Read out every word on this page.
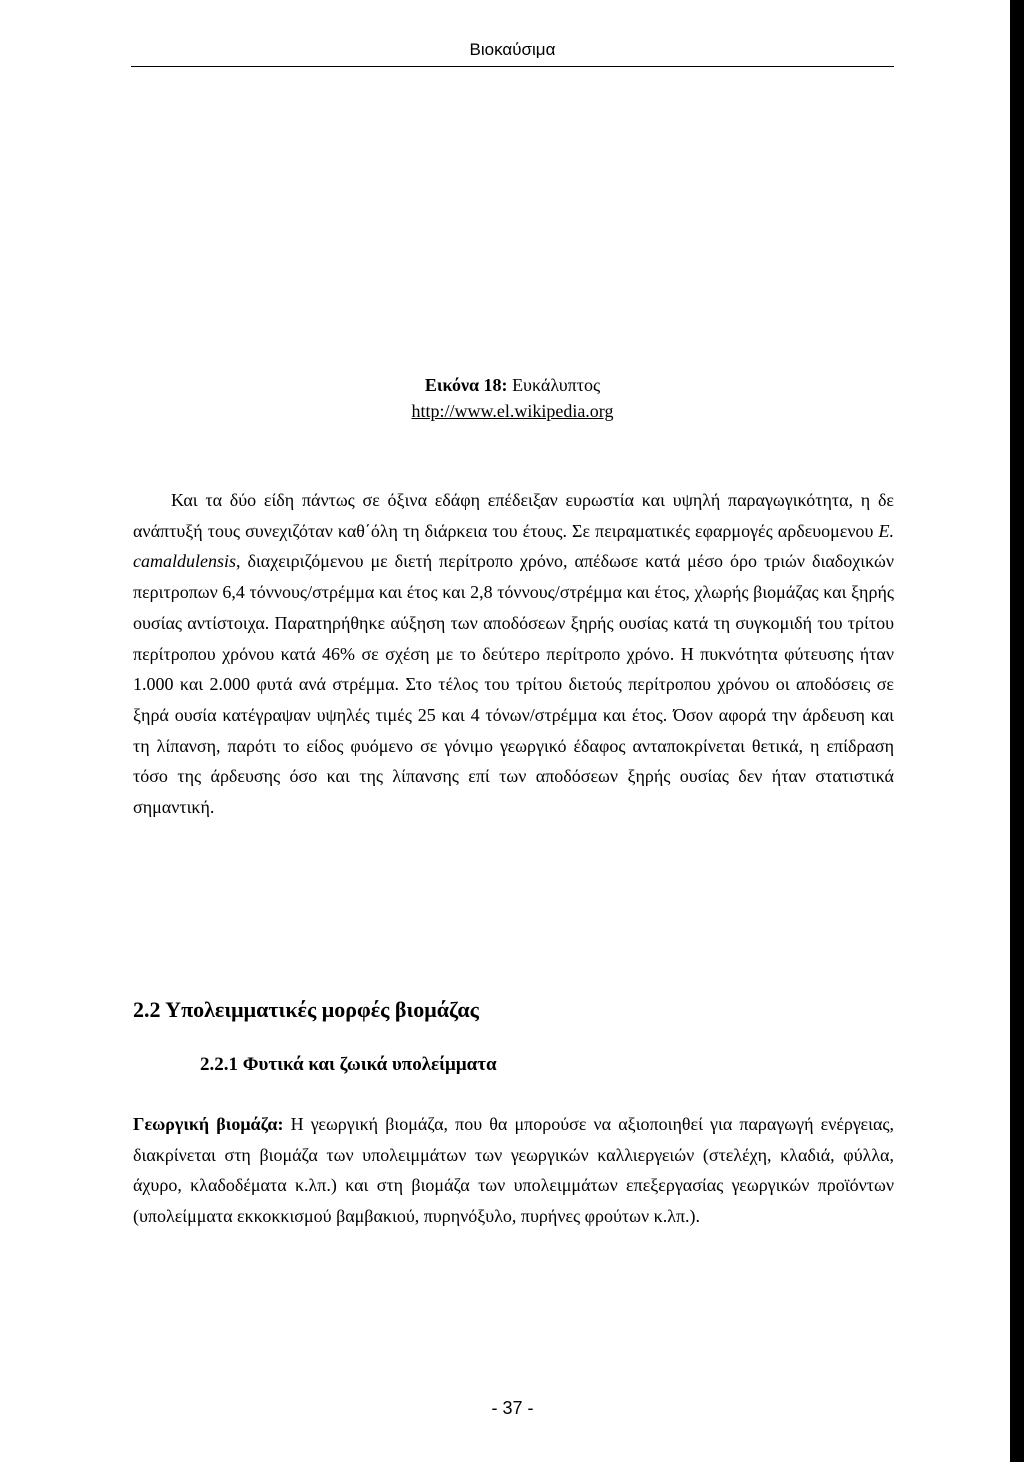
Βιοκαύσιμα
Εικόνα 18: Ευκάλυπτος
http://www.el.wikipedia.org

Και τα δύο είδη πάντως σε όξινα εδάφη επέδειξαν ευρωστία και υψηλή παραγωγικότητα, η δε ανάπτυξή τους συνεχιζόταν καθ΄όλη τη διάρκεια του έτους. Σε πειραματικές εφαρμογές αρδευομενου E. camaldulensis, διαχειριζόμενου με διετή περίτροπο χρόνο, απέδωσε κατά μέσο όρο τριών διαδοχικών περιτροπων 6,4 τόννους/στρέμμα και έτος και 2,8 τόννους/στρέμμα και έτος, χλωρής βιομάζας και ξηρής ουσίας αντίστοιχα. Παρατηρήθηκε αύξηση των αποδόσεων ξηρής ουσίας κατά τη συγκομιδή του τρίτου περίτροπου χρόνου κατά 46% σε σχέση με το δεύτερο περίτροπο χρόνο. Η πυκνότητα φύτευσης ήταν 1.000 και 2.000 φυτά ανά στρέμμα. Στο τέλος του τρίτου διετούς περίτροπου χρόνου οι αποδόσεις σε ξηρά ουσία κατέγραψαν υψηλές τιμές 25 και 4 τόνων/στρέμμα και έτος. Όσον αφορά την άρδευση και τη λίπανση, παρότι το είδος φυόμενο σε γόνιμο γεωργικό έδαφος ανταποκρίνεται θετικά, η επίδραση τόσο της άρδευσης όσο και της λίπανσης επί των αποδόσεων ξηρής ουσίας δεν ήταν στατιστικά σημαντική.

2.2 Υπολειμματικές μορφές βιομάζας
2.2.1 Φυτικά και ζωικά υπολείμματα

Γεωργική βιομάζα: Η γεωργική βιομάζα, που θα μπορούσε να αξιοποιηθεί για παραγωγή ενέργειας, διακρίνεται στη βιομάζα των υπολειμμάτων των γεωργικών καλλιεργειών (στελέχη, κλαδιά, φύλλα, άχυρο, κλαδοδέματα κ.λπ.) και στη βιομάζα των υπολειμμάτων επεξεργασίας γεωργικών προϊόντων (υπολείμματα εκκοκκισμού βαμβακιού, πυρηνόξυλο, πυρήνες φρούτων κ.λπ.).

- 37 -
